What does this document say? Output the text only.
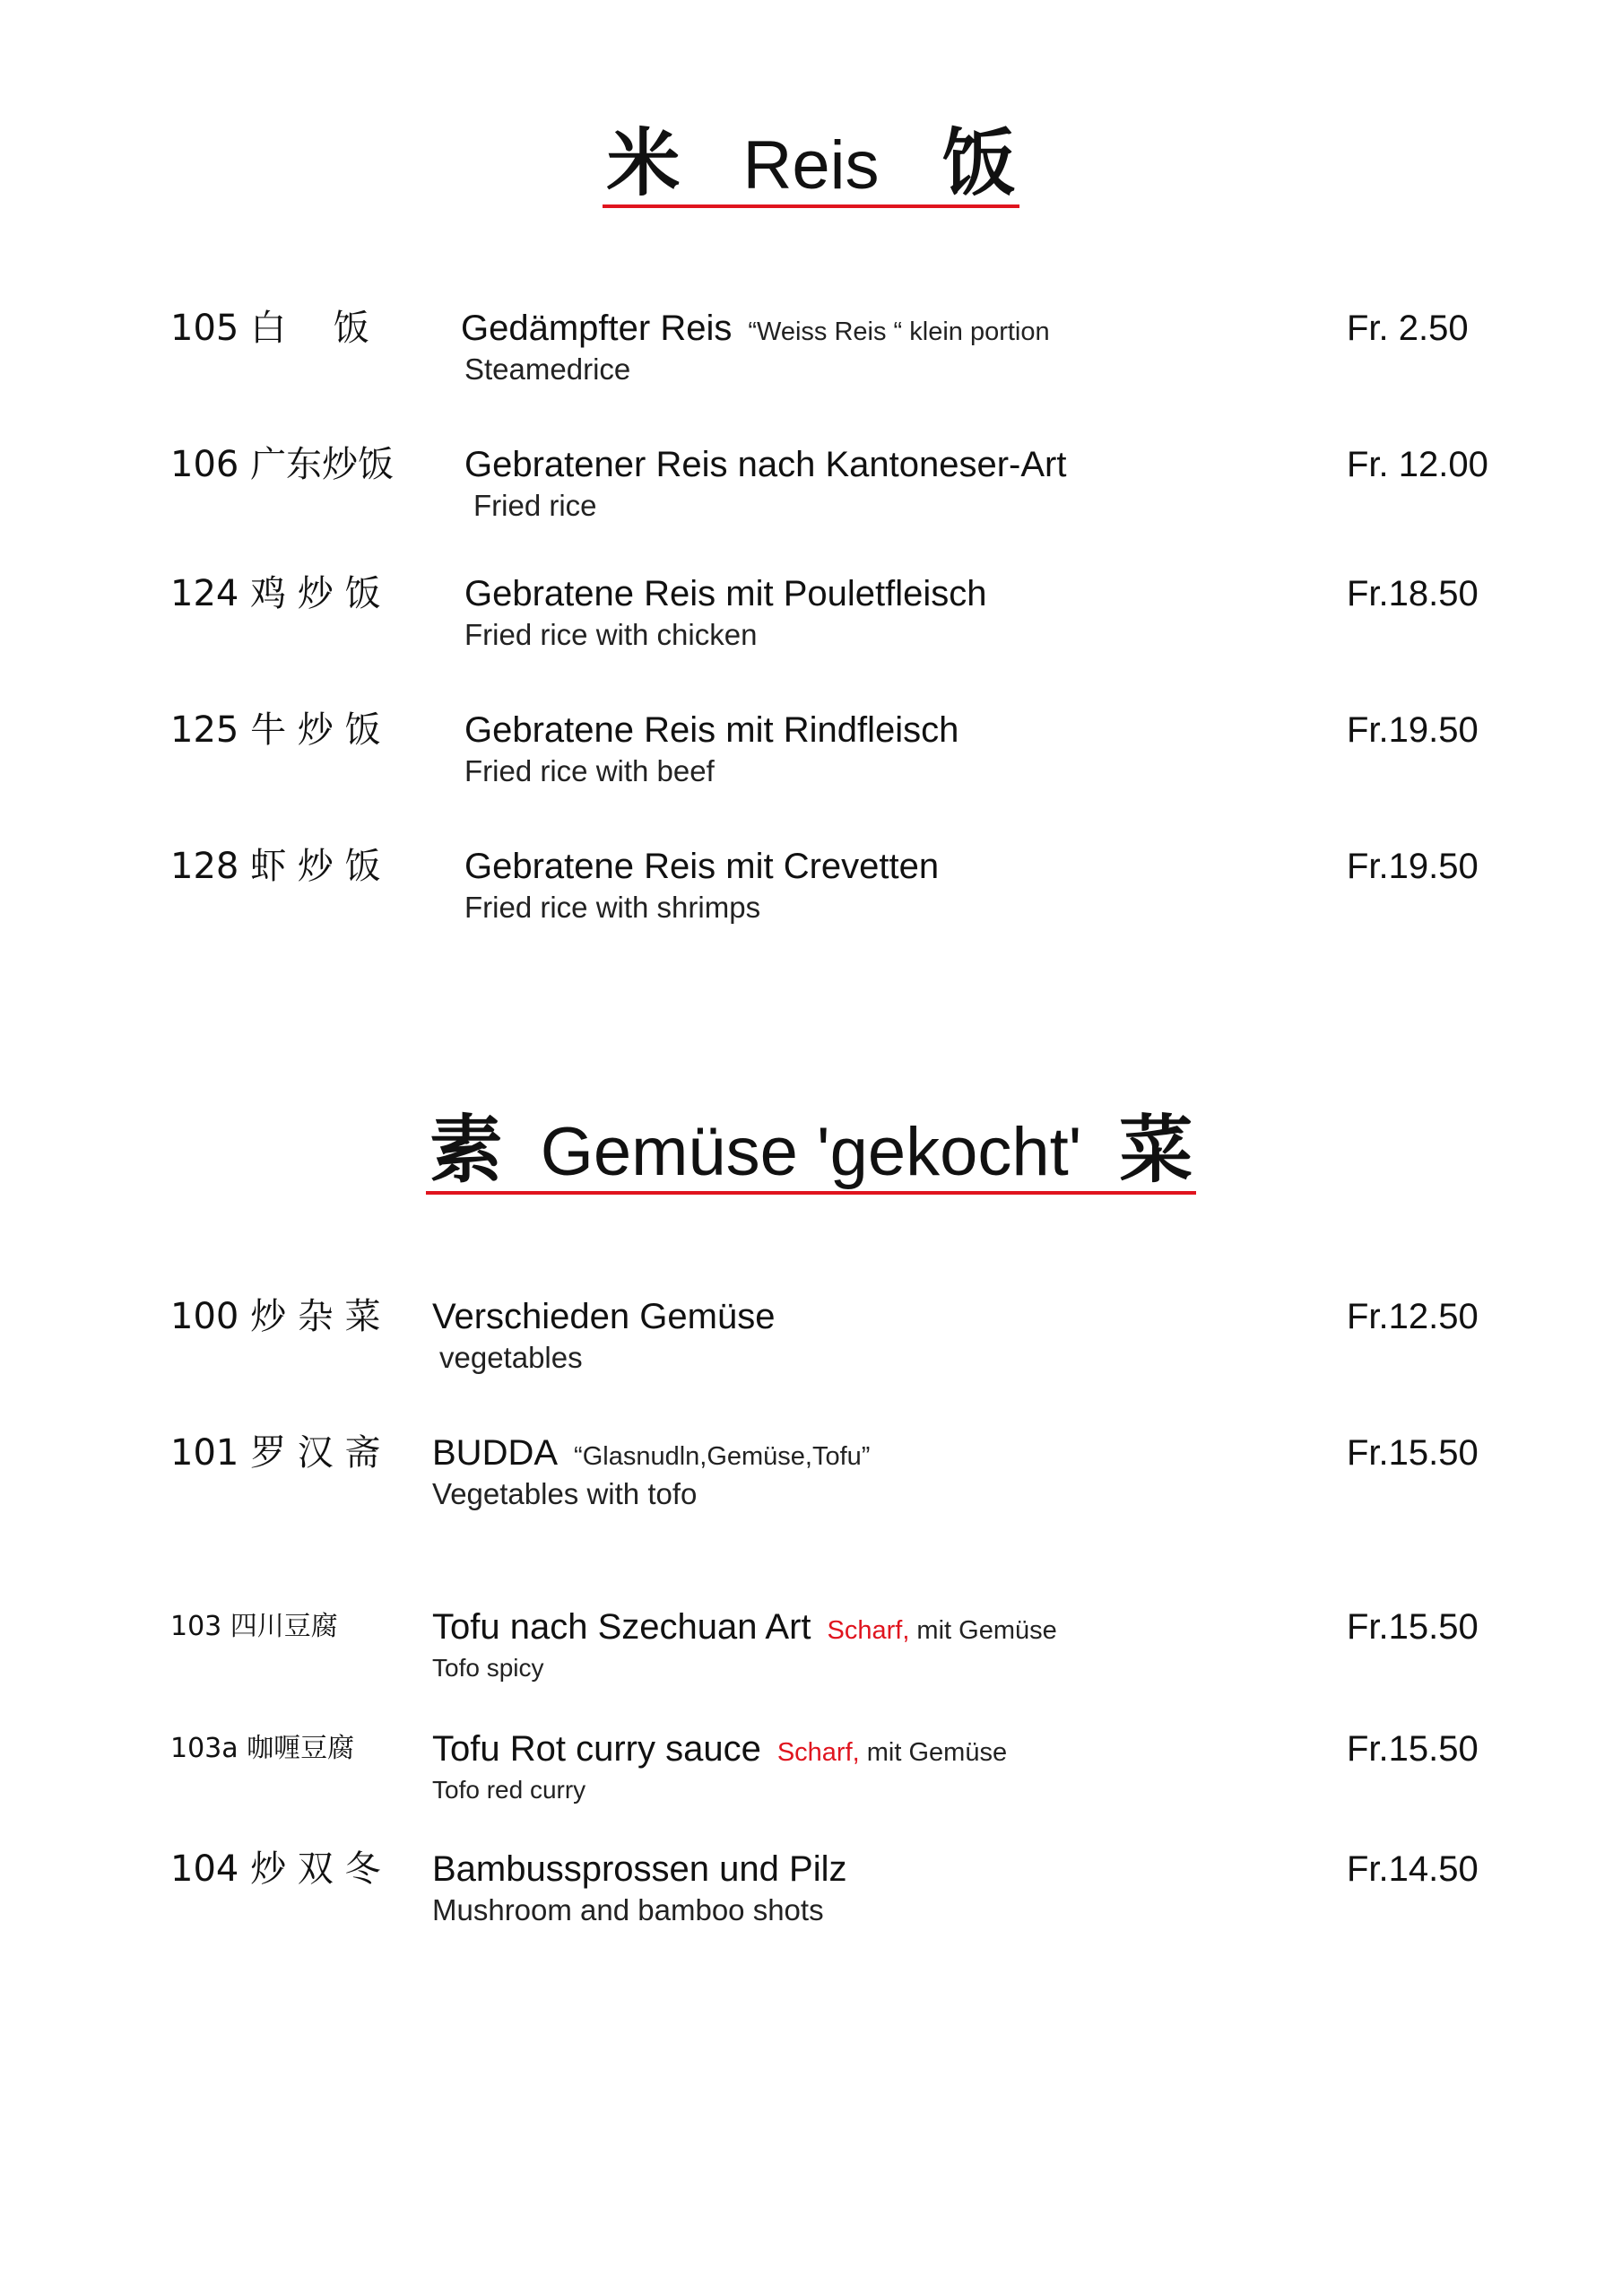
米 Reis 饭
105 白　 饭	Gedämpfter Reis “Weiss Reis “ klein portion
Steamedrice
Fr. 2.50
106 广东炒饭 Gebratener Reis nach Kantoneser-Art
Fried rice
Fr. 12.00
124 鸡 炒 饭 Gebratene Reis mit Pouletfleisch
Fried rice with chicken
Fr.18.50
125 牛 炒 饭 Gebratene Reis mit Rindfleisch
Fried rice with beef
Fr.19.50
128 虾 炒 饭 Gebratene Reis mit Crevetten
Fried rice with shrimps
Fr.19.50
素 Gemüse 'gekocht' 菜
100 炒 杂 菜 Verschieden Gemüse
vegetables
Fr.12.50
101 罗 汉 斋 BUDDA “Glasnudln,Gemüse,Tofu”
Vegetables with tofo
Fr.15.50
103 四川豆腐	Tofu nach Szechuan Art Scharf, mit Gemüse
Tofo spicy
Fr.15.50
103a 咖喱豆腐 Tofu Rot curry sauce Scharf, mit Gemüse
Tofo red curry
Fr.15.50
104 炒 双 冬 Bambussprossen und Pilz
Mushroom and bamboo shots
Fr.14.50
